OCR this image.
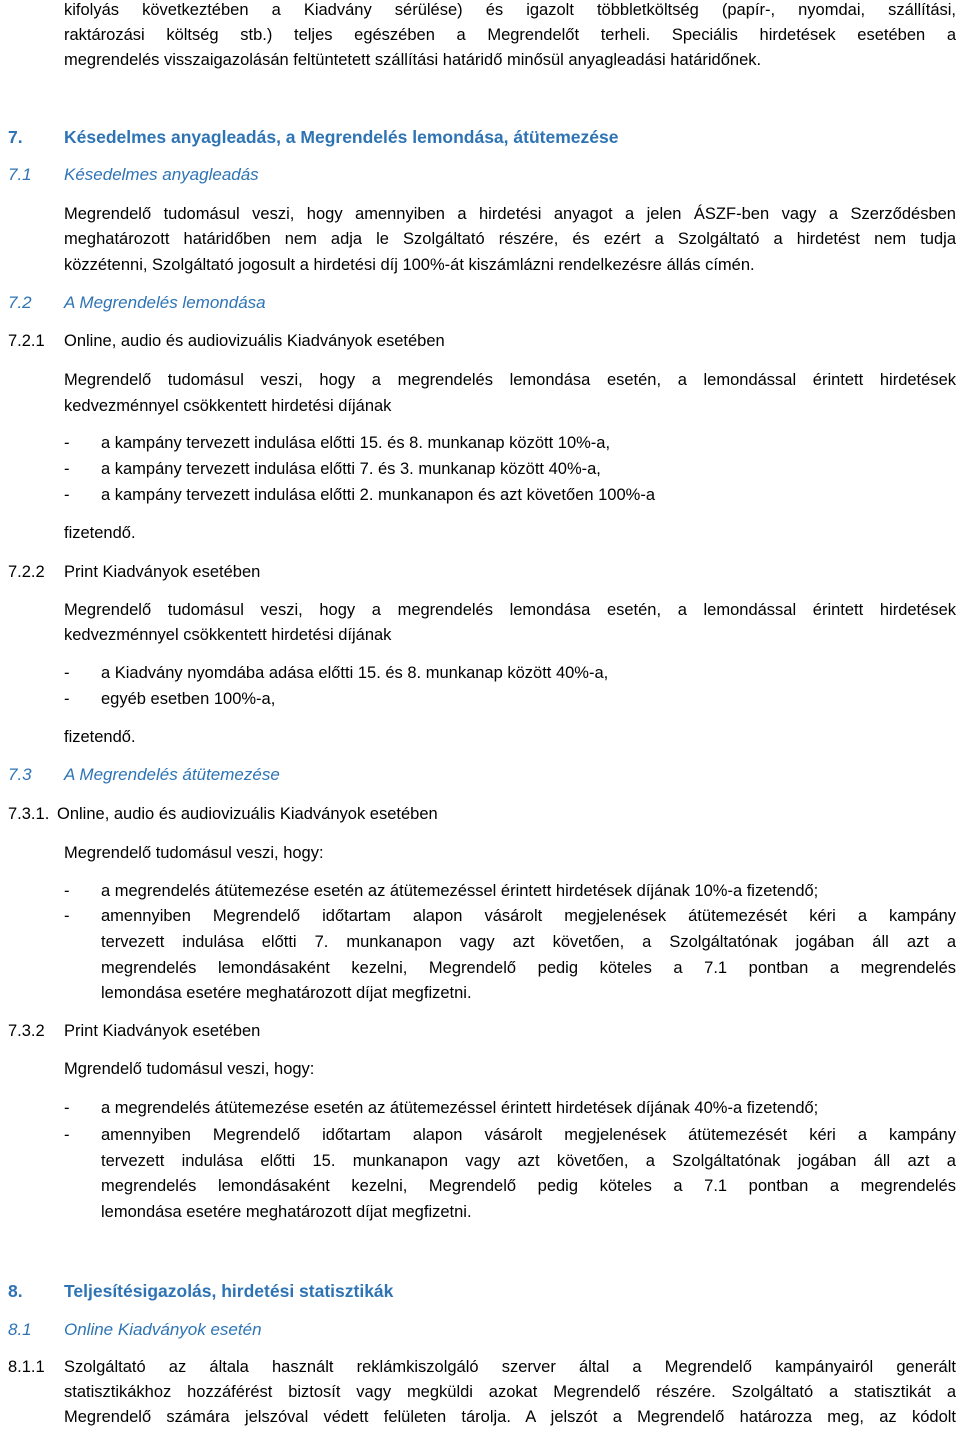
kifolyás következtében a Kiadvány sérülése) és igazolt többletköltség (papír-, nyomdai, szállítási,
raktározási költség stb.) teljes egészében a Megrendelőt terheli. Speciális hirdetések esetében a
megrendelés visszaigazolásán feltüntetett szállítási határidő minősül anyagleadási határidőnek.
7. Késedelmes anyagleadás, a Megrendelés lemondása, átütemezése
7.1 Késedelmes anyagleadás
Megrendelő tudomásul veszi, hogy amennyiben a hirdetési anyagot a jelen ÁSZF-ben vagy a Szerződésben
meghatározott határidőben nem adja le Szolgáltató részére, és ezért a Szolgáltató a hirdetést nem tudja
közzétenni, Szolgáltató jogosult a hirdetési díj 100%-át kiszámlázni rendelkezésre állás címén.
7.2 A Megrendelés lemondása
7.2.1 Online, audio és audiovizuális Kiadványok esetében
Megrendelő tudomásul veszi, hogy a megrendelés lemondása esetén, a lemondással érintett hirdetések
kedvezménnyel csökkentett hirdetési díjának
- a kampány tervezett indulása előtti 15. és 8. munkanap között 10%-a,
- a kampány tervezett indulása előtti 7. és 3. munkanap között 40%-a,
- a kampány tervezett indulása előtti 2. munkanapon és azt követően 100%-a
fizetendő.
7.2.2 Print Kiadványok esetében
Megrendelő tudomásul veszi, hogy a megrendelés lemondása esetén, a lemondással érintett hirdetések
kedvezménnyel csökkentett hirdetési díjának
- a Kiadvány nyomdába adása előtti 15. és 8. munkanap között 40%-a,
- egyéb esetben 100%-a,
fizetendő.
7.3 A Megrendelés átütemezése
7.3.1. Online, audio és audiovizuális Kiadványok esetében
Megrendelő tudomásul veszi, hogy:
- a megrendelés átütemezése esetén az átütemezéssel érintett hirdetések díjának 10%-a fizetendő;
- amennyiben Megrendelő időtartam alapon vásárolt megjelenések átütemezését kéri a kampány
tervezett indulása előtti 7. munkanapon vagy azt követően, a Szolgáltatónak jogában áll azt a
megrendelés lemondásaként kezelni, Megrendelő pedig köteles a 7.1 pontban a megrendelés
lemondása esetére meghatározott díjat megfizetni.
7.3.2 Print Kiadványok esetében
Mgrendelő tudomásul veszi, hogy:
- a megrendelés átütemezése esetén az átütemezéssel érintett hirdetések díjának 40%-a fizetendő;
- amennyiben Megrendelő időtartam alapon vásárolt megjelenések átütemezését kéri a kampány
tervezett indulása előtti 15. munkanapon vagy azt követően, a Szolgáltatónak jogában áll azt a
megrendelés lemondásaként kezelni, Megrendelő pedig köteles a 7.1 pontban a megrendelés
lemondása esetére meghatározott díjat megfizetni.
8. Teljesítésigazolás, hirdetési statisztikák
8.1 Online Kiadványok esetén
8.1.1 Szolgáltató az általa használt reklámkiszolgáló szerver által a Megrendelő kampányairól generált
statisztikákhoz hozzáférést biztosít vagy megküldi azokat Megrendelő részére. Szolgáltató a statisztikát a
Megrendelő számára jelszóval védett felületen tárolja. A jelszót a Megrendelő határozza meg, az kódolt
